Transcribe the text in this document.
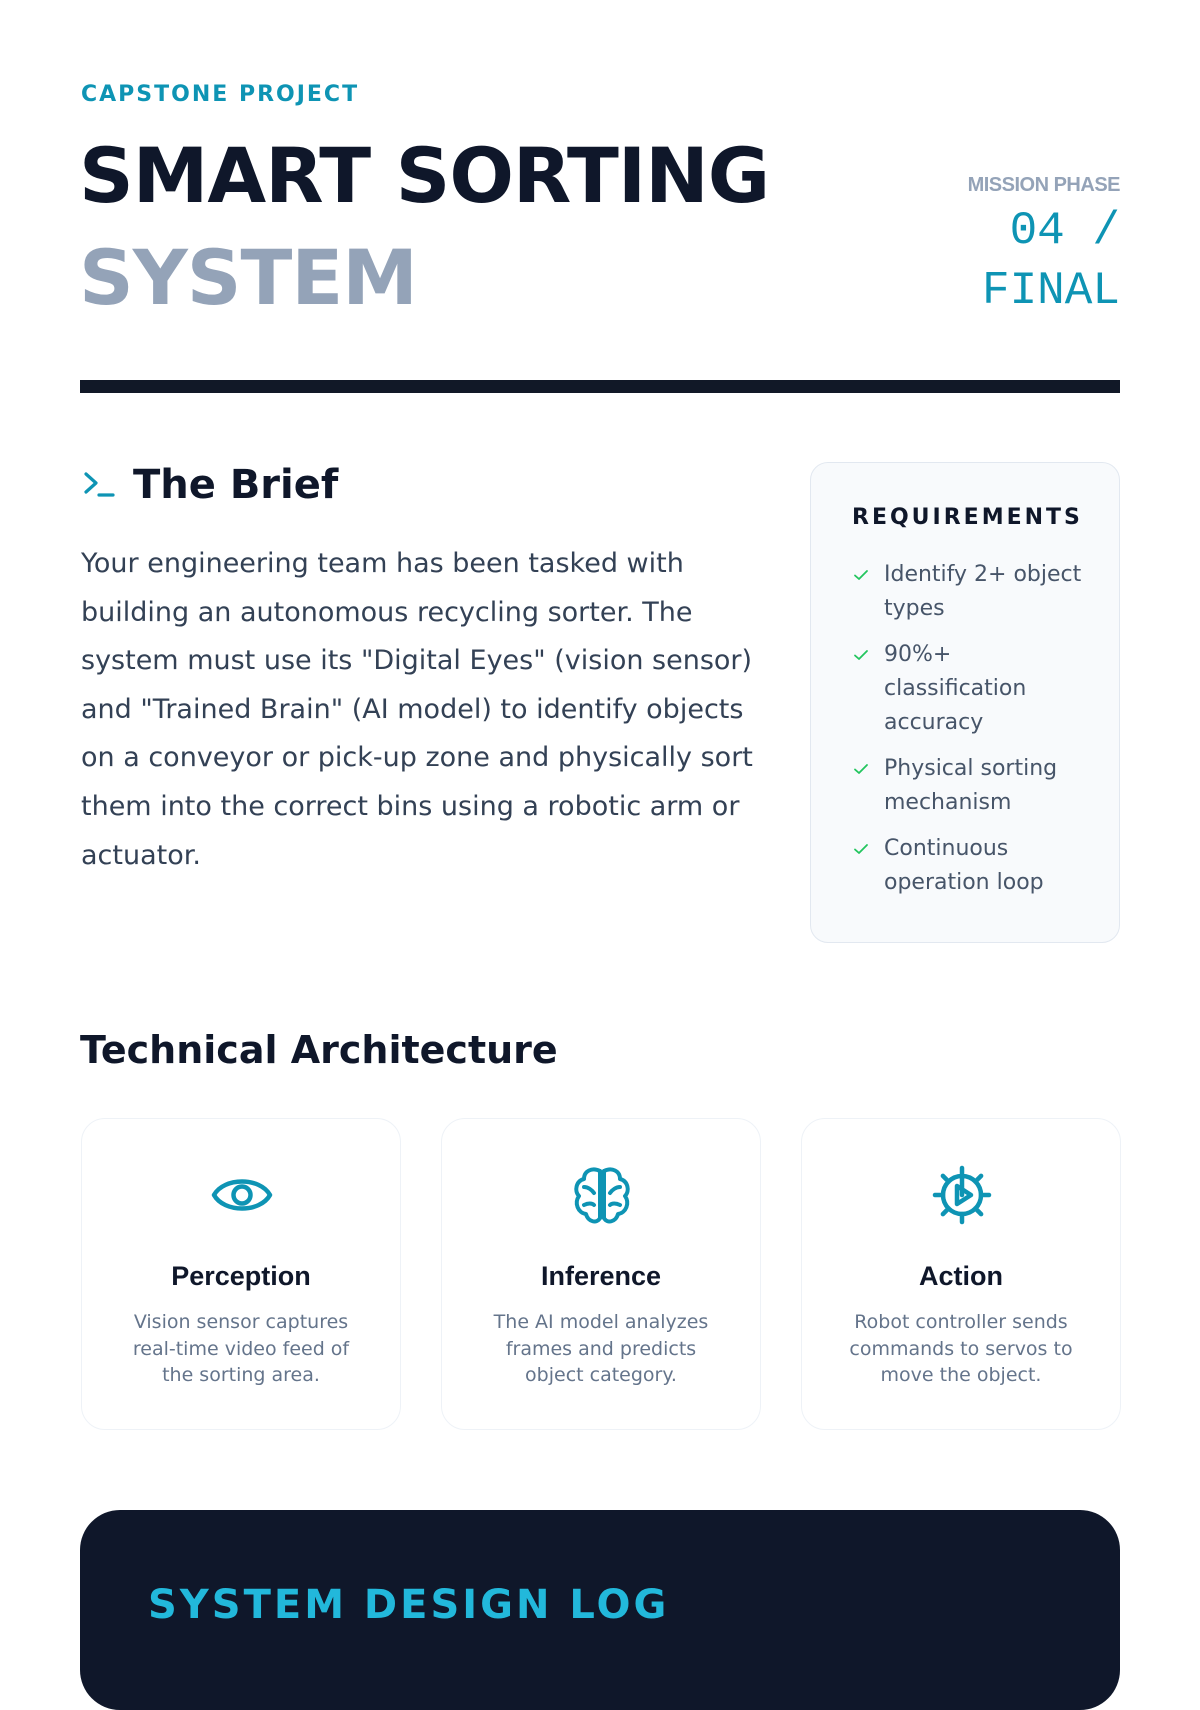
CAPSTONE PROJECT
SMART SORTING
SYSTEM
MISSION PHASE
04 / FINAL
The Brief

Your engineering team has been tasked with building an autonomous recycling sorter. The system must use its "Digital Eyes" (vision sensor) and "Trained Brain" (AI model) to identify objects on a conveyor or pick-up zone and physically sort them into the correct bins using a robotic arm or actuator.

REQUIREMENTS
Identify 2+ object types
90%+ classification accuracy
Physical sorting mechanism
Continuous operation loop
Technical Architecture
Perception
Vision sensor captures real-time video feed of the sorting area.
Inference
The AI model analyzes frames and predicts object category.
Action
Robot controller sends commands to servos to move the object.
SYSTEM DESIGN LOG
